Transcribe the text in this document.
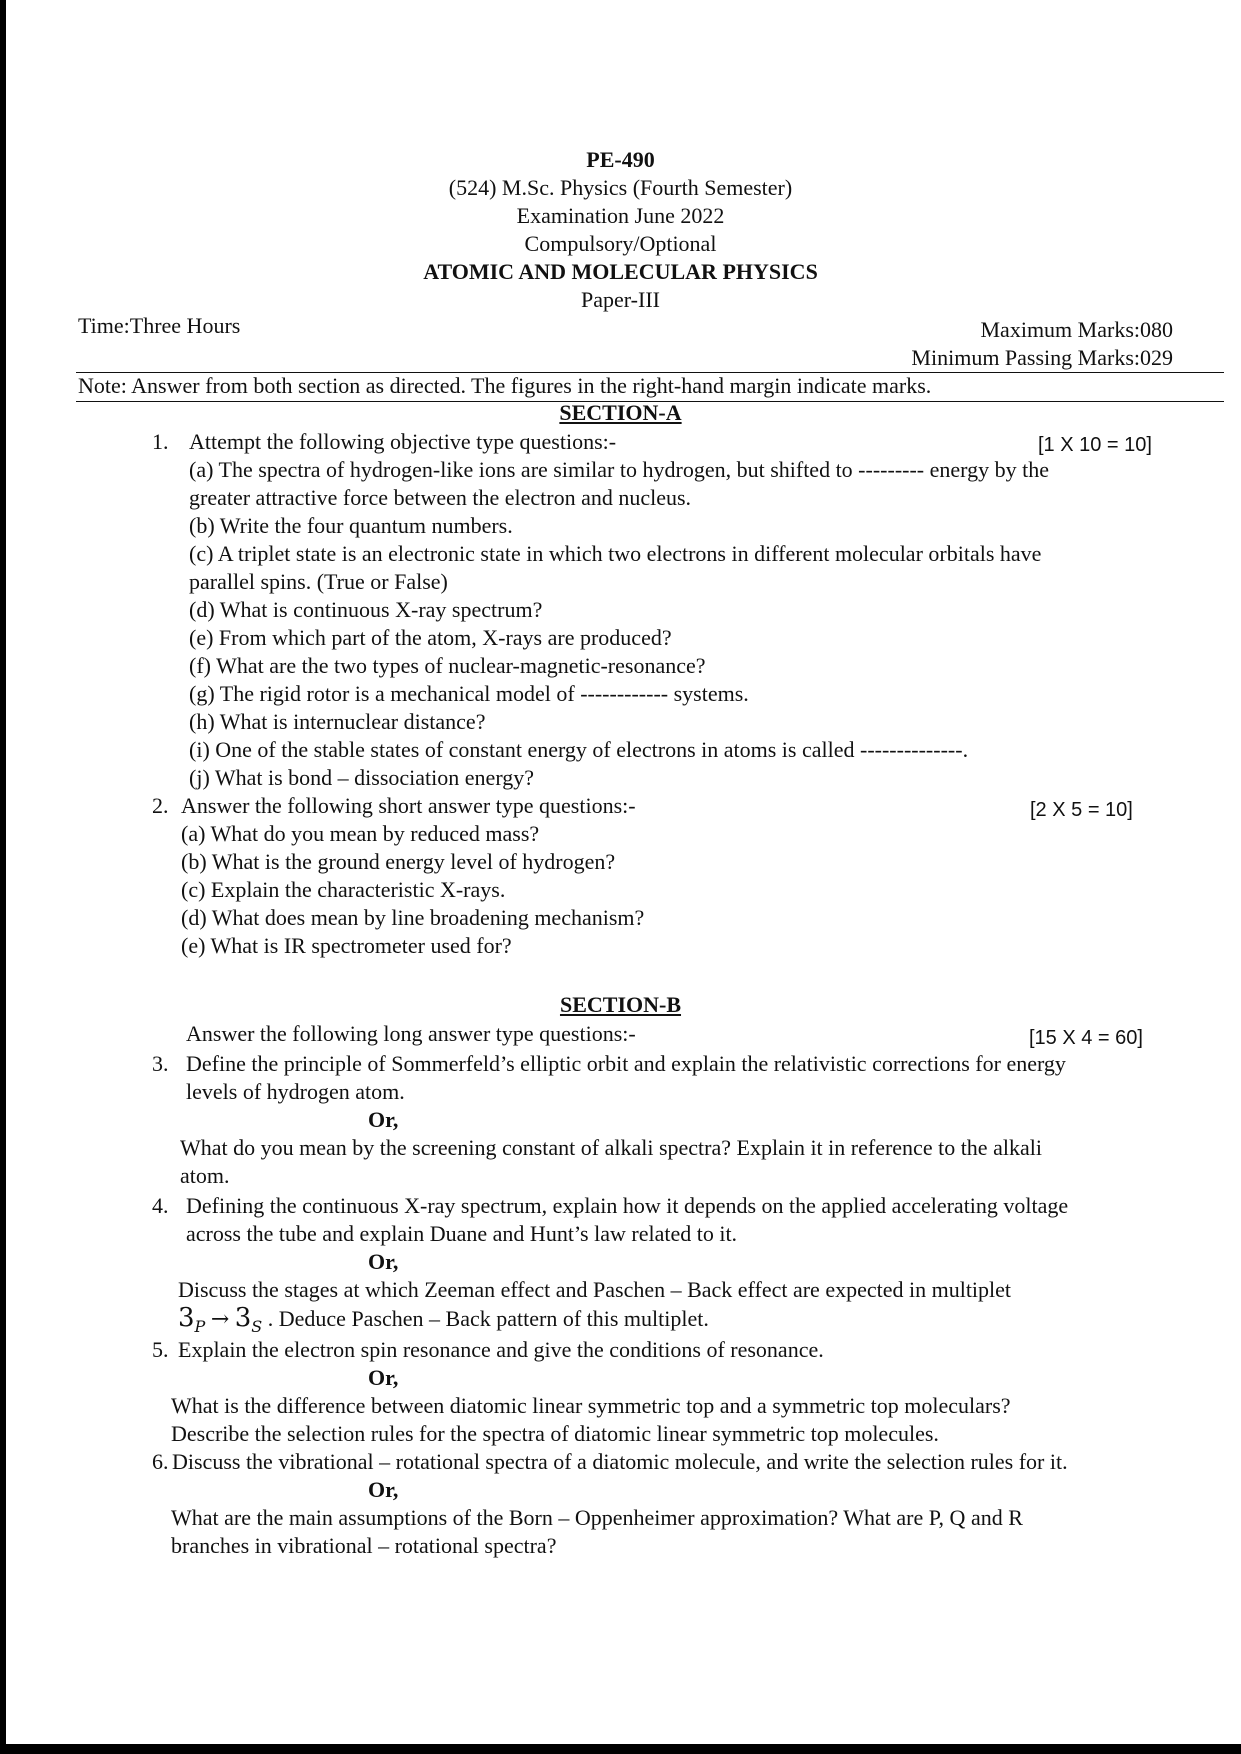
PE-490
(524) M.Sc. Physics (Fourth Semester)
Examination June 2022
Compulsory/Optional
ATOMIC AND MOLECULAR PHYSICS
Paper-III
Time:Three Hours	Maximum Marks:080
Minimum Passing Marks:029
Note: Answer from both section as directed. The figures in the right-hand margin indicate marks.
SECTION-A
1. Attempt the following objective type questions:-	[1 X 10 = 10]

(a) The spectra of hydrogen-like ions are similar to hydrogen, but shifted to --------- energy by the

greater attractive force between the electron and nucleus.

(b) Write the four quantum numbers.

(c) A triplet state is an electronic state in which two electrons in different molecular orbitals have

parallel spins. (True or False)

(d) What is continuous X-ray spectrum?

(e) From which part of the atom, X-rays are produced?

(f) What are the two types of nuclear-magnetic-resonance?

(g) The rigid rotor is a mechanical model of ------------ systems.

(h) What is internuclear distance?

(i) One of the stable states of constant energy of electrons in atoms is called --------------.

(j) What is bond – dissociation energy?

2. Answer the following short answer type questions:-	[2 X 5 = 10]

(a) What do you mean by reduced mass?

(b) What is the ground energy level of hydrogen?

(c) Explain the characteristic X-rays.

(d) What does mean by line broadening mechanism?

(e) What is IR spectrometer used for?

SECTION-B
Answer the following long answer type questions:-	[15 X 4 = 60]
3. Define the principle of Sommerfeld’s elliptic orbit and explain the relativistic corrections for energy

levels of hydrogen atom.

Or,

What do you mean by the screening constant of alkali spectra? Explain it in reference to the alkali

atom.

4. Defining the continuous X-ray spectrum, explain how it depends on the applied accelerating voltage

across the tube and explain Duane and Hunt’s law related to it.

Or,
Discuss the stages at which Zeeman effect and Paschen – Back effect are expected in multiplet
$3_P \to 3_S$ . Deduce Paschen – Back pattern of this multiplet.
5. Explain the electron spin resonance and give the conditions of resonance.

Or,

What is the difference between diatomic linear symmetric top and a symmetric top moleculars?

Describe the selection rules for the spectra of diatomic linear symmetric top molecules.

6. Discuss the vibrational – rotational spectra of a diatomic molecule, and write the selection rules for it.

Or,

What are the main assumptions of the Born – Oppenheimer approximation? What are P, Q and R

branches in vibrational – rotational spectra?
